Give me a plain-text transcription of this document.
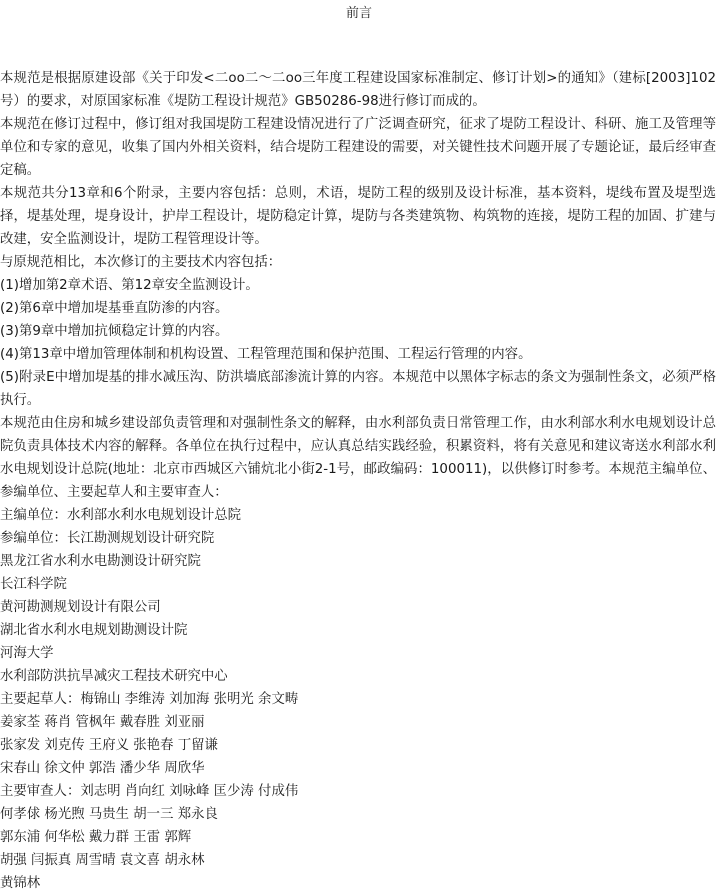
前言

本规范是根据原建设部《关于印发<二oo二～二oo三年度工程建设国家标准制定、修订计划>的通知》（建标[2003]102号）的要求，对原国家标准《堤防工程设计规范》GB50286-98进行修订而成的。

本规范在修订过程中，修订组对我国堤防工程建设情况进行了广泛调查研究，征求了堤防工程设计、科研、施工及管理等单位和专家的意见，收集了国内外相关资料，结合堤防工程建设的需要，对关键性技术问题开展了专题论证，最后经审查定稿。

本规范共分13章和6个附录，主要内容包括：总则，术语，堤防工程的级别及设计标准，基本资料，堤线布置及堤型选择，堤基处理，堤身设计，护岸工程设计，堤防稳定计算，堤防与各类建筑物、构筑物的连接，堤防工程的加固、扩建与改建，安全监测设计，堤防工程管理设计等。

与原规范相比，本次修订的主要技术内容包括：

(1)增加第2章术语、第12章安全监测设计。

(2)第6章中增加堤基垂直防渗的内容。

(3)第9章中增加抗倾稳定计算的内容。

(4)第13章中增加管理体制和机构设置、工程管理范围和保护范围、工程运行管理的内容。

(5)附录E中增加堤基的排水减压沟、防洪墙底部渗流计算的内容。本规范中以黑体字标志的条文为强制性条文，必须严格执行。

本规范由住房和城乡建设部负责管理和对强制性条文的解释，由水利部负责日常管理工作，由水利部水利水电规划设计总院负责具体技术内容的解释。各单位在执行过程中，应认真总结实践经验，积累资料，将有关意见和建议寄送水利部水利水电规划设计总院(地址：北京市西城区六铺炕北小街2-1号，邮政编码：100011)，以供修订时参考。本规范主编单位、参编单位、主要起草人和主要审查人：

主编单位：水利部水利水电规划设计总院

参编单位：长江勘测规划设计研究院

黑龙江省水利水电勘测设计研究院

长江科学院

黄河勘测规划设计有限公司

湖北省水利水电规划勘测设计院

河海大学

水利部防洪抗旱减灾工程技术研究中心

主要起草人：梅锦山 李维涛 刘加海 张明光 余文畴

姜家荃 蒋肖 管枫年 戴春胜 刘亚丽

张家发 刘克传 王府义 张艳春 丁留谦

宋春山 徐文仲 郭浩 潘少华 周欣华

主要审查人：刘志明 肖向红 刘咏峰 匡少涛 付成伟

何孝俅 杨光煦 马贵生 胡一三 郑永良

郭东浦 何华松 戴力群 王雷 郭辉

胡强 闫振真 周雪晴 袁文喜 胡永林

黄锦林
